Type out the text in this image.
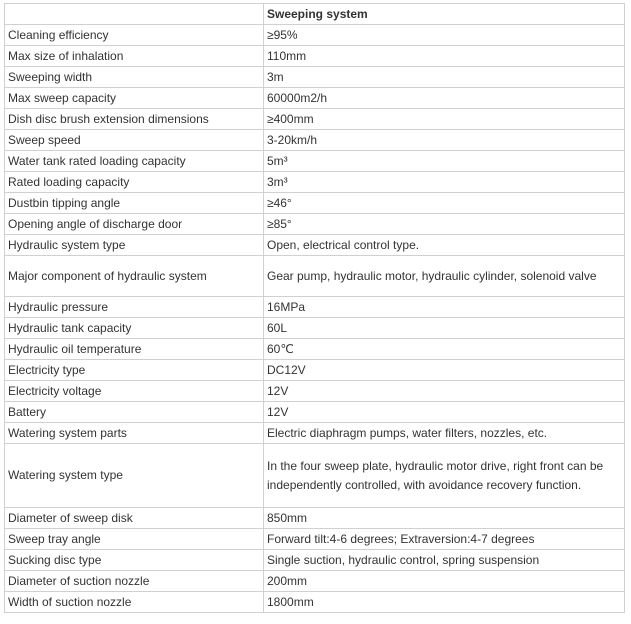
	Sweeping system
Cleaning efficiency	≥95%
Max size of inhalation	110mm
Sweeping width	3m
Max sweep capacity	60000m2/h
Dish disc brush extension dimensions	≥400mm
Sweep speed	3-20km/h
Water tank rated loading capacity	5m³
Rated loading capacity	3m³
Dustbin tipping angle	≥46°
Opening angle of discharge door	≥85°
Hydraulic system type	Open, electrical control type.
Major component of hydraulic system	Gear pump, hydraulic motor, hydraulic cylinder, solenoid valve
Hydraulic pressure	16MPa
Hydraulic tank capacity	60L
Hydraulic oil temperature	60℃
Electricity type	DC12V
Electricity voltage	12V
Battery	12V
Watering system parts	Electric diaphragm pumps, water filters, nozzles, etc.
Watering system type	In the four sweep plate, hydraulic motor drive, right front can be independently controlled, with avoidance recovery function.
Diameter of sweep disk	850mm
Sweep tray angle	Forward tilt:4-6 degrees; Extraversion:4-7 degrees
Sucking disc type	Single suction, hydraulic control, spring suspension
Diameter of suction nozzle	200mm
Width of suction nozzle	1800mm
